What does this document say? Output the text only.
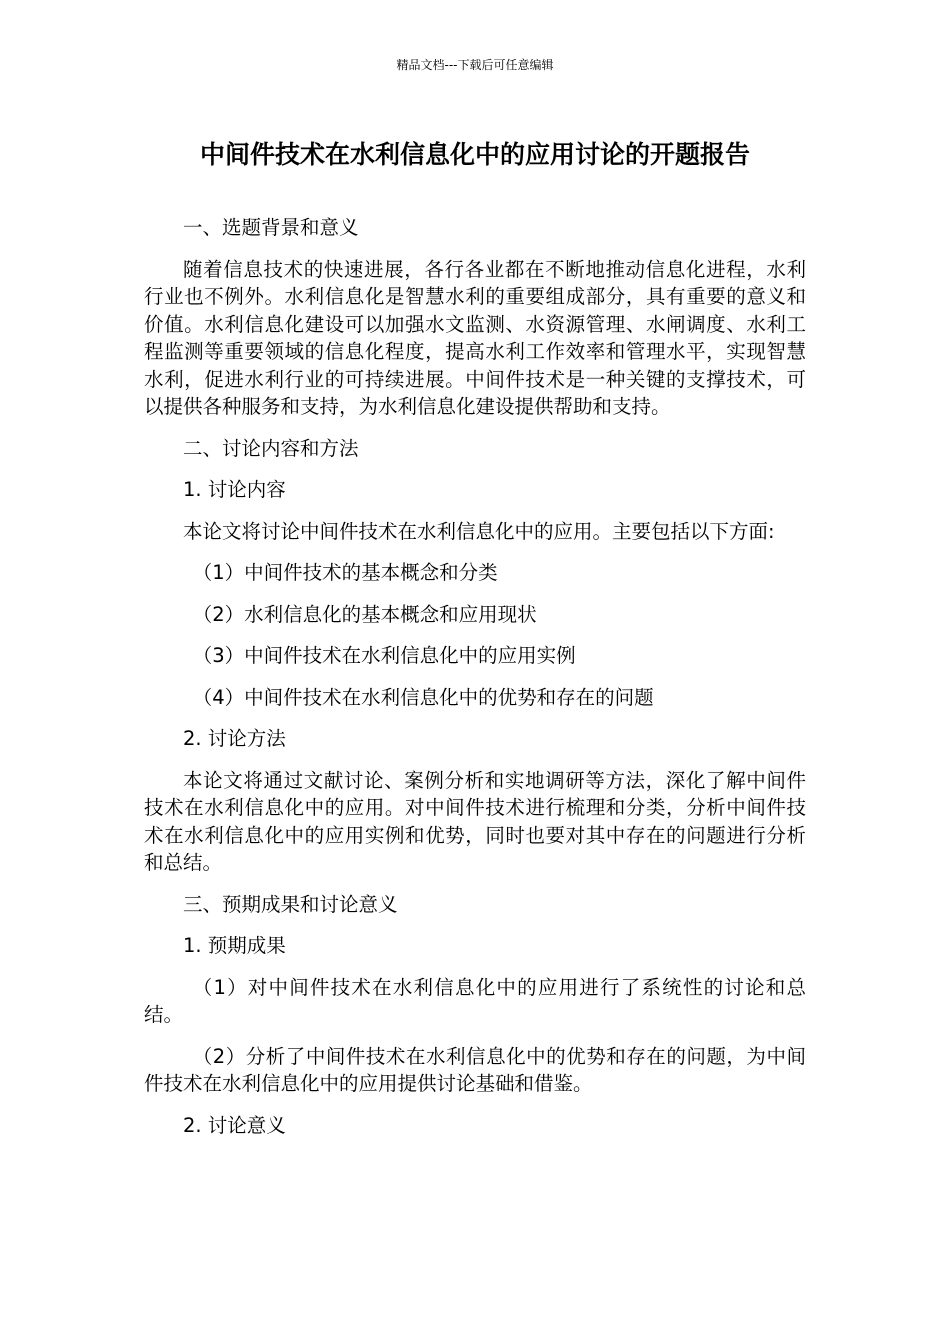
精品文档---下载后可任意编辑
中间件技术在水利信息化中的应用讨论的开题报告

一、选题背景和意义

随着信息技术的快速进展，各行各业都在不断地推动信息化进程，水利行业也不例外。水利信息化是智慧水利的重要组成部分，具有重要的意义和价值。水利信息化建设可以加强水文监测、水资源管理、水闸调度、水利工程监测等重要领域的信息化程度，提高水利工作效率和管理水平，实现智慧水利，促进水利行业的可持续进展。中间件技术是一种关键的支撑技术，可以提供各种服务和支持，为水利信息化建设提供帮助和支持。

二、讨论内容和方法

1. 讨论内容

本论文将讨论中间件技术在水利信息化中的应用。主要包括以下方面:

（1）中间件技术的基本概念和分类

（2）水利信息化的基本概念和应用现状

（3）中间件技术在水利信息化中的应用实例

（4）中间件技术在水利信息化中的优势和存在的问题

2. 讨论方法

本论文将通过文献讨论、案例分析和实地调研等方法，深化了解中间件技术在水利信息化中的应用。对中间件技术进行梳理和分类，分析中间件技术在水利信息化中的应用实例和优势，同时也要对其中存在的问题进行分析和总结。

三、预期成果和讨论意义

1. 预期成果

（1）对中间件技术在水利信息化中的应用进行了系统性的讨论和总结。

（2）分析了中间件技术在水利信息化中的优势和存在的问题，为中间件技术在水利信息化中的应用提供讨论基础和借鉴。

2. 讨论意义
